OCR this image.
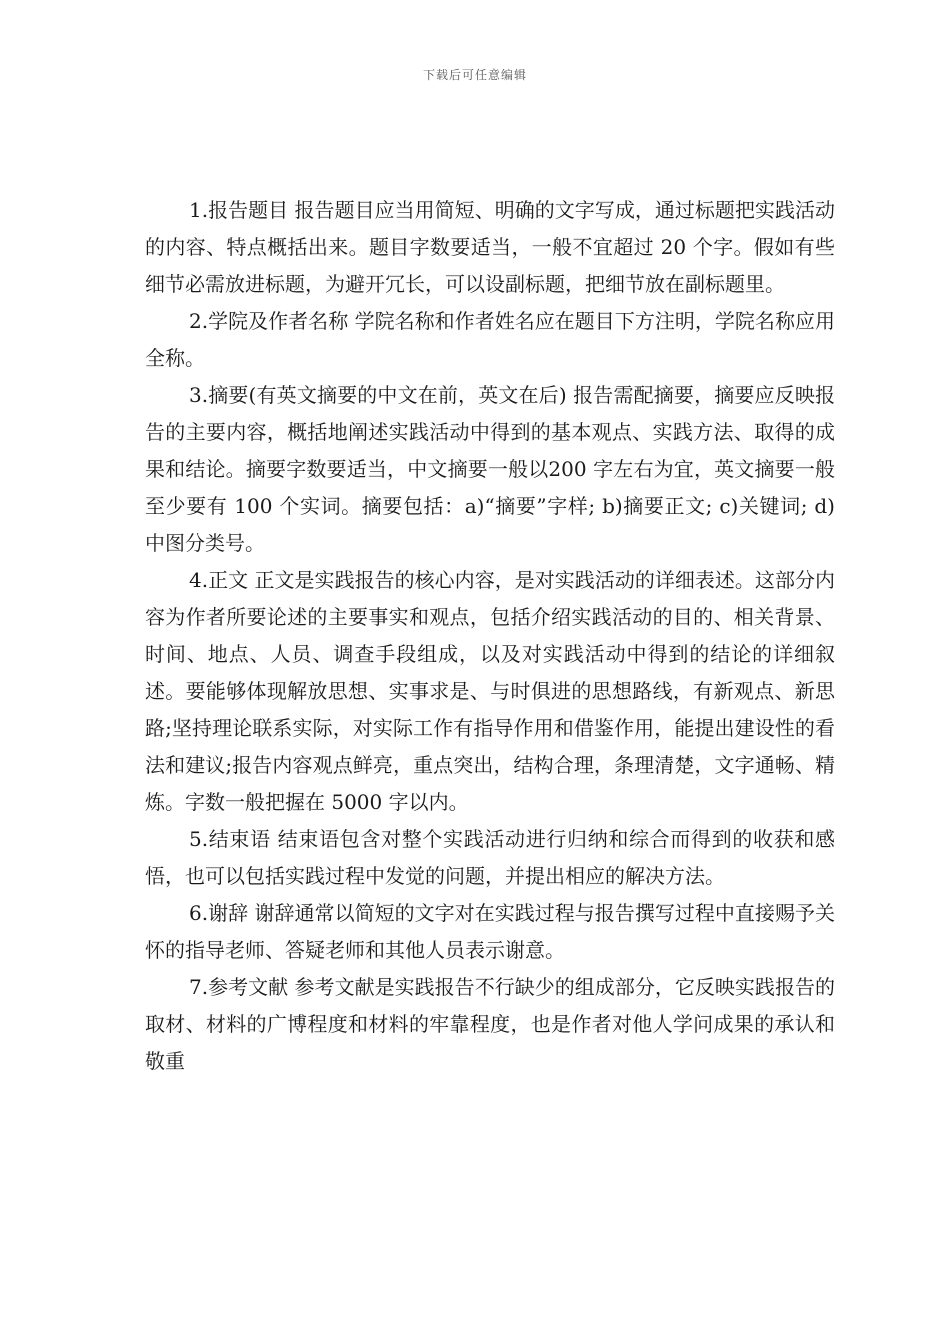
下载后可任意编辑

1.报告题目 报告题目应当用简短、明确的文字写成，通过标题把实践活动的内容、特点概括出来。题目字数要适当，一般不宜超过 20 个字。假如有些细节必需放进标题，为避开冗长，可以设副标题，把细节放在副标题里。

2.学院及作者名称 学院名称和作者姓名应在题目下方注明，学院名称应用全称。

3.摘要(有英文摘要的中文在前，英文在后) 报告需配摘要，摘要应反映报告的主要内容，概括地阐述实践活动中得到的基本观点、实践方法、取得的成果和结论。摘要字数要适当，中文摘要一般以200 字左右为宜，英文摘要一般至少要有 100 个实词。摘要包括：a)“摘要”字样; b)摘要正文; c)关键词; d)中图分类号。

4.正文 正文是实践报告的核心内容，是对实践活动的详细表述。这部分内容为作者所要论述的主要事实和观点，包括介绍实践活动的目的、相关背景、时间、地点、人员、调查手段组成，以及对实践活动中得到的结论的详细叙述。要能够体现解放思想、实事求是、与时俱进的思想路线，有新观点、新思路;坚持理论联系实际，对实际工作有指导作用和借鉴作用，能提出建设性的看法和建议;报告内容观点鲜亮，重点突出，结构合理，条理清楚，文字通畅、精炼。字数一般把握在 5000 字以内。

5.结束语 结束语包含对整个实践活动进行归纳和综合而得到的收获和感悟，也可以包括实践过程中发觉的问题，并提出相应的解决方法。

6.谢辞 谢辞通常以简短的文字对在实践过程与报告撰写过程中直接赐予关怀的指导老师、答疑老师和其他人员表示谢意。

7.参考文献 参考文献是实践报告不行缺少的组成部分，它反映实践报告的取材、材料的广博程度和材料的牢靠程度，也是作者对他人学问成果的承认和敬重
